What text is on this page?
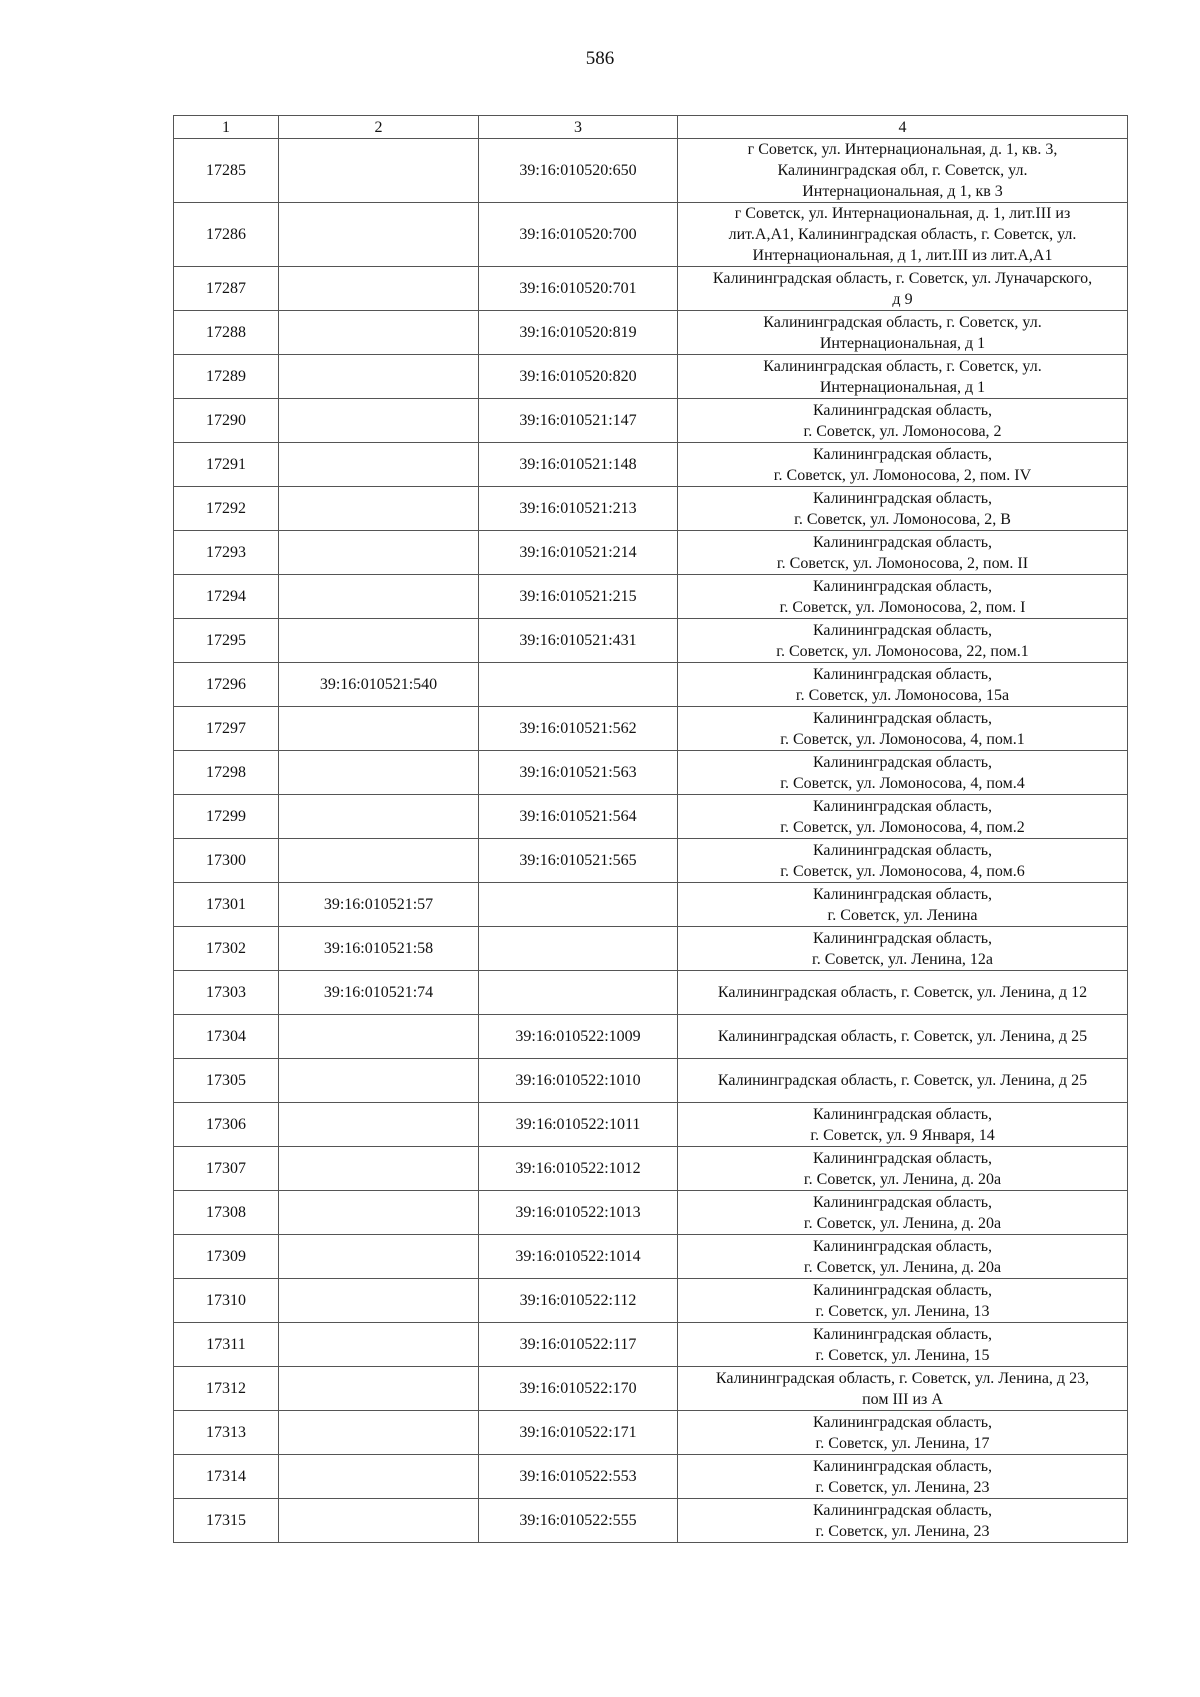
586
1	2	3	4
17285		39:16:010520:650	г Советск, ул. Интернациональная, д. 1, кв. 3,
Калининградская обл, г. Советск, ул.
Интернациональная, д 1, кв 3
17286		39:16:010520:700	г Советск, ул. Интернациональная, д. 1, лит.III из
лит.А,А1, Калининградская область, г. Советск, ул.
Интернациональная, д 1, лит.III из лит.А,А1
17287		39:16:010520:701	Калининградская область, г. Советск, ул. Луначарского,
д 9
17288		39:16:010520:819	Калининградская область, г. Советск, ул.
Интернациональная, д 1
17289		39:16:010520:820	Калининградская область, г. Советск, ул.
Интернациональная, д 1
17290		39:16:010521:147	Калининградская область,
г. Советск, ул. Ломоносова, 2
17291		39:16:010521:148	Калининградская область,
г. Советск, ул. Ломоносова, 2, пом. IV
17292		39:16:010521:213	Калининградская область,
г. Советск, ул. Ломоносова, 2, В
17293		39:16:010521:214	Калининградская область,
г. Советск, ул. Ломоносова, 2, пом. II
17294		39:16:010521:215	Калининградская область,
г. Советск, ул. Ломоносова, 2, пом. I
17295		39:16:010521:431	Калининградская область,
г. Советск, ул. Ломоносова, 22, пом.1
17296	39:16:010521:540		Калининградская область,
г. Советск, ул. Ломоносова, 15а
17297		39:16:010521:562	Калининградская область,
г. Советск, ул. Ломоносова, 4, пом.1
17298		39:16:010521:563	Калининградская область,
г. Советск, ул. Ломоносова, 4, пом.4
17299		39:16:010521:564	Калининградская область,
г. Советск, ул. Ломоносова, 4, пом.2
17300		39:16:010521:565	Калининградская область,
г. Советск, ул. Ломоносова, 4, пом.6
17301	39:16:010521:57		Калининградская область,
г. Советск, ул. Ленина
17302	39:16:010521:58		Калининградская область,
г. Советск, ул. Ленина, 12а
17303	39:16:010521:74		Калининградская область, г. Советск, ул. Ленина, д 12
17304		39:16:010522:1009	Калининградская область, г. Советск, ул. Ленина, д 25
17305		39:16:010522:1010	Калининградская область, г. Советск, ул. Ленина, д 25
17306		39:16:010522:1011	Калининградская область,
г. Советск, ул. 9 Января, 14
17307		39:16:010522:1012	Калининградская область,
г. Советск, ул. Ленина, д. 20а
17308		39:16:010522:1013	Калининградская область,
г. Советск, ул. Ленина, д. 20а
17309		39:16:010522:1014	Калининградская область,
г. Советск, ул. Ленина, д. 20а
17310		39:16:010522:112	Калининградская область,
г. Советск, ул. Ленина, 13
17311		39:16:010522:117	Калининградская область,
г. Советск, ул. Ленина, 15
17312		39:16:010522:170	Калининградская область, г. Советск, ул. Ленина, д 23,
пом III из А
17313		39:16:010522:171	Калининградская область,
г. Советск, ул. Ленина, 17
17314		39:16:010522:553	Калининградская область,
г. Советск, ул. Ленина, 23
17315		39:16:010522:555	Калининградская область,
г. Советск, ул. Ленина, 23
